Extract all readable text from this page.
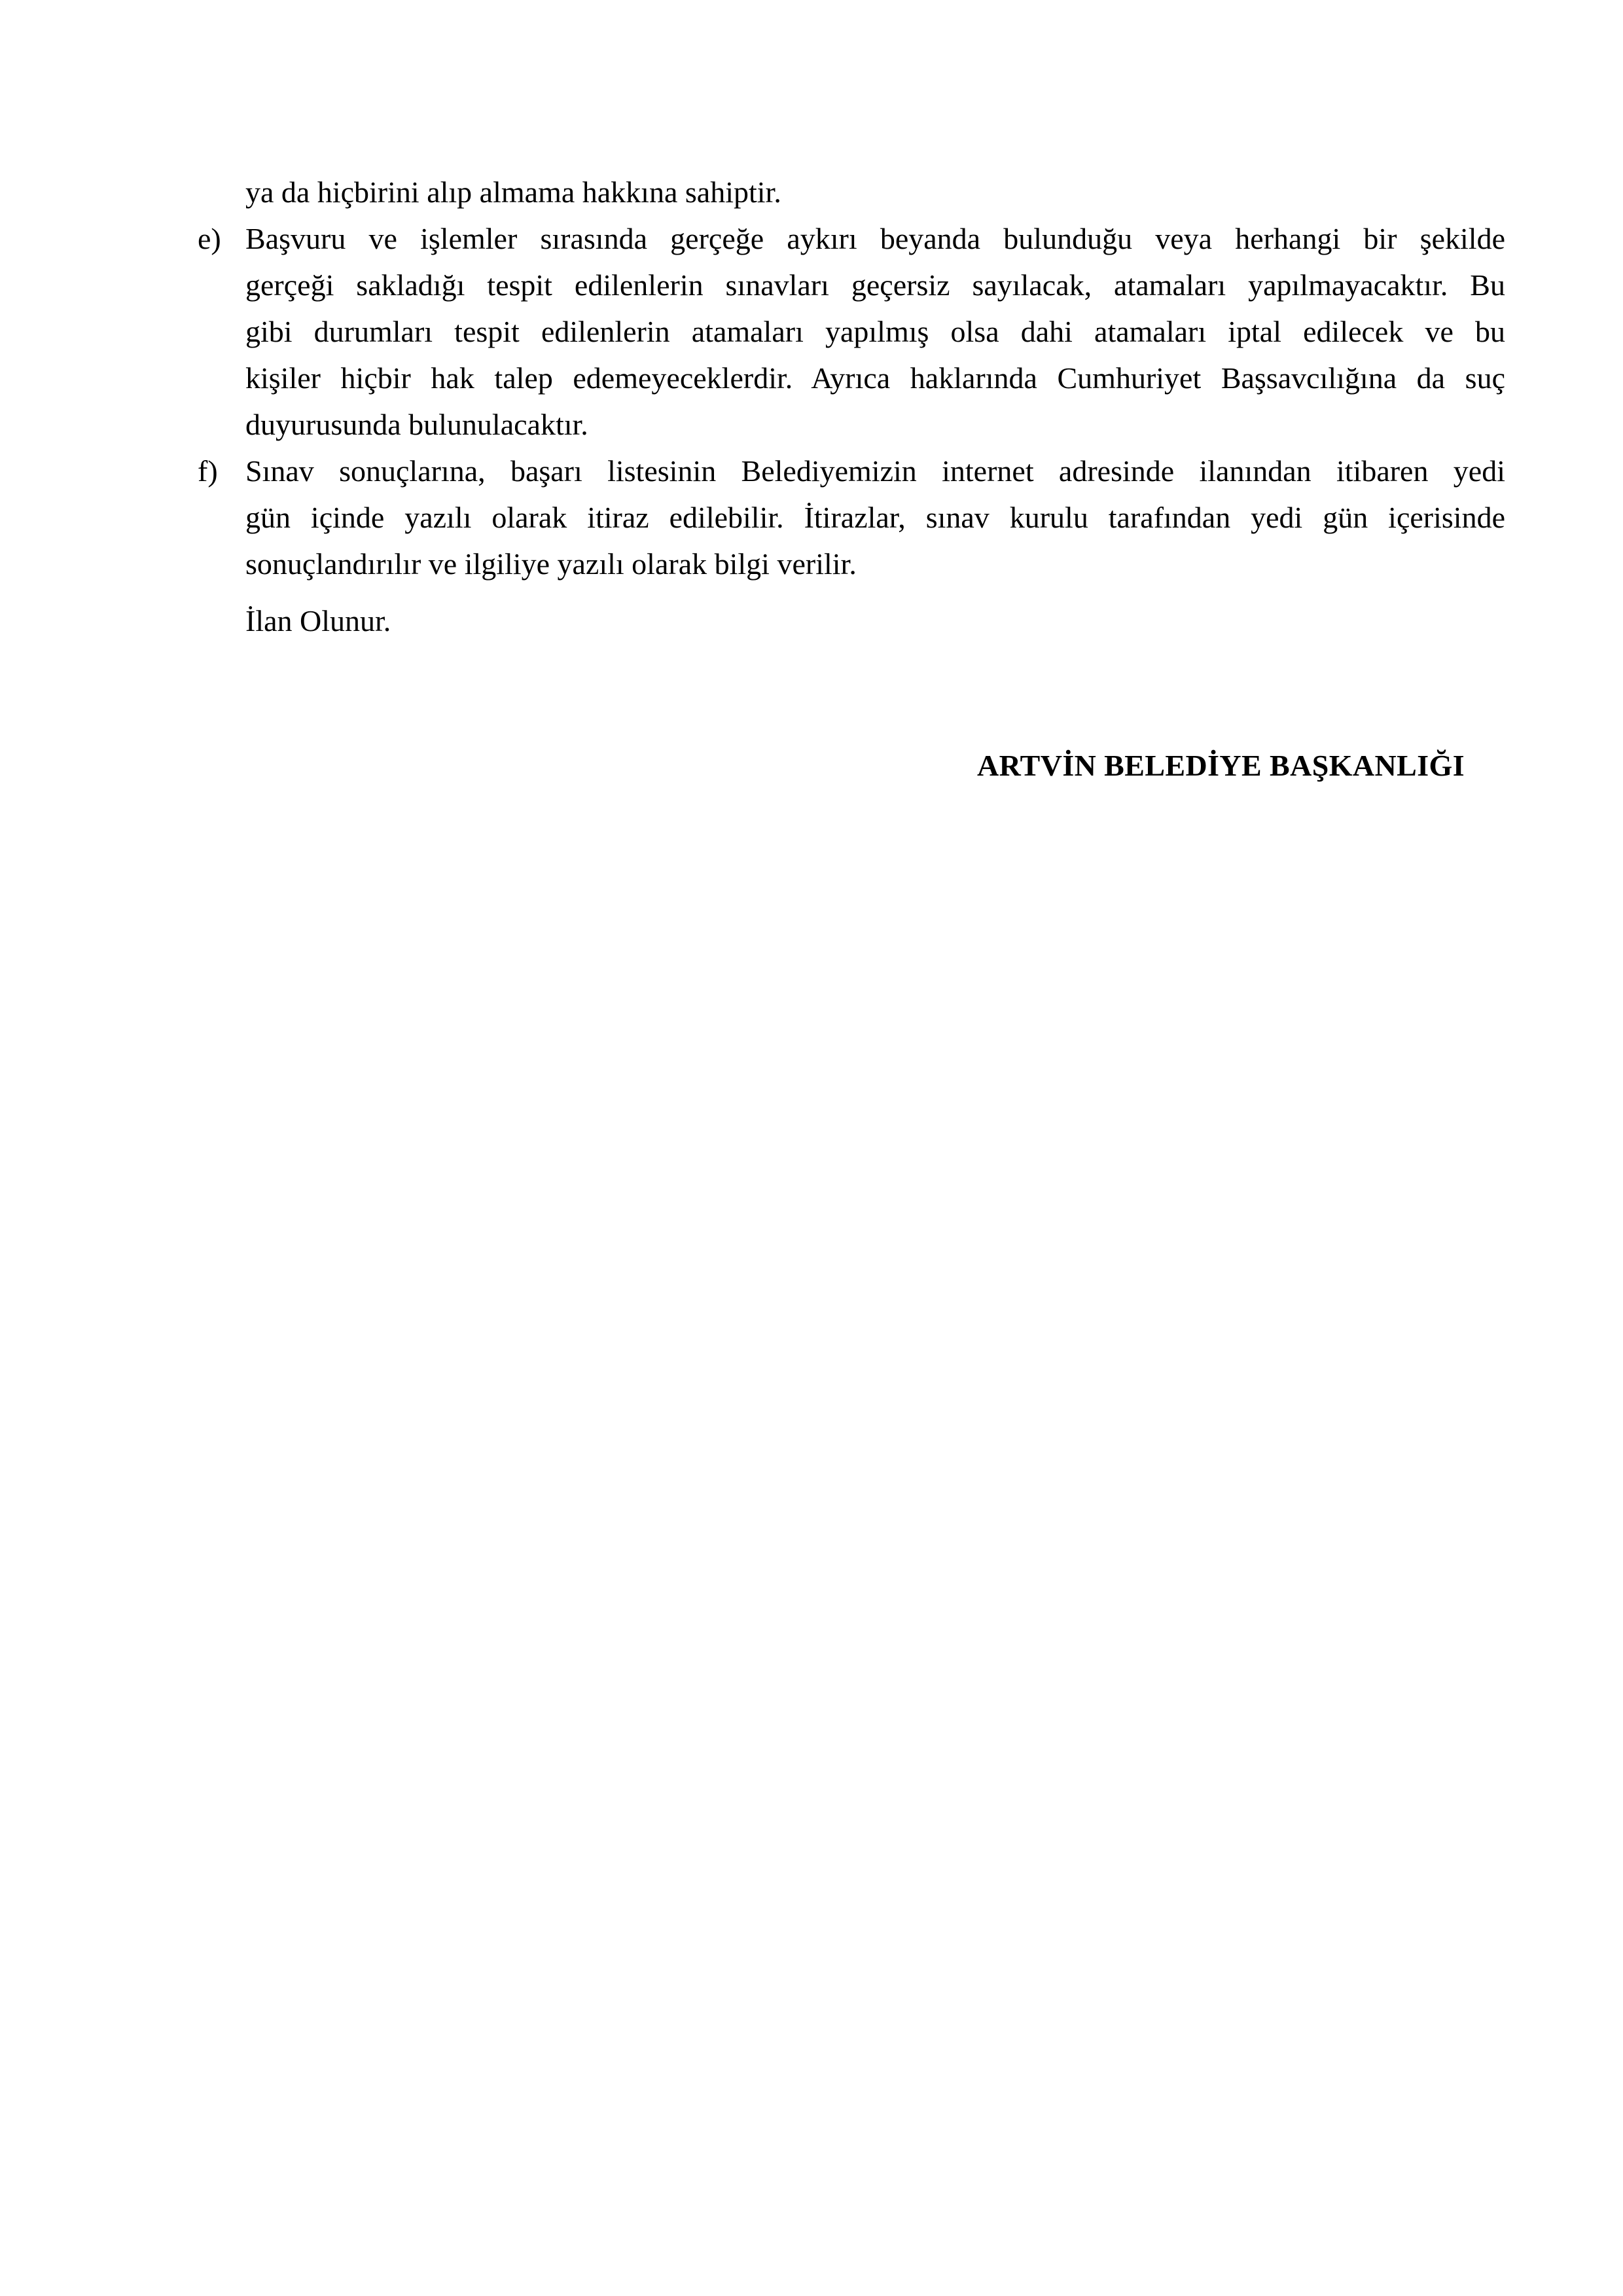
ya da hiçbirini alıp almama hakkına sahiptir.

e) Başvuru ve işlemler sırasında gerçeğe aykırı beyanda bulunduğu veya herhangi bir şekilde
gerçeği sakladığı tespit edilenlerin sınavları geçersiz sayılacak, atamaları yapılmayacaktır. Bu
gibi durumları tespit edilenlerin atamaları yapılmış olsa dahi atamaları iptal edilecek ve bu
kişiler hiçbir hak talep edemeyeceklerdir. Ayrıca haklarında Cumhuriyet Başsavcılığına da suç
duyurusunda bulunulacaktır.
f) Sınav sonuçlarına, başarı listesinin Belediyemizin internet adresinde ilanından itibaren yedi
gün içinde yazılı olarak itiraz edilebilir. İtirazlar, sınav kurulu tarafından yedi gün içerisinde
sonuçlandırılır ve ilgiliye yazılı olarak bilgi verilir.

İlan Olunur.

ARTVİN BELEDİYE BAŞKANLIĞI
